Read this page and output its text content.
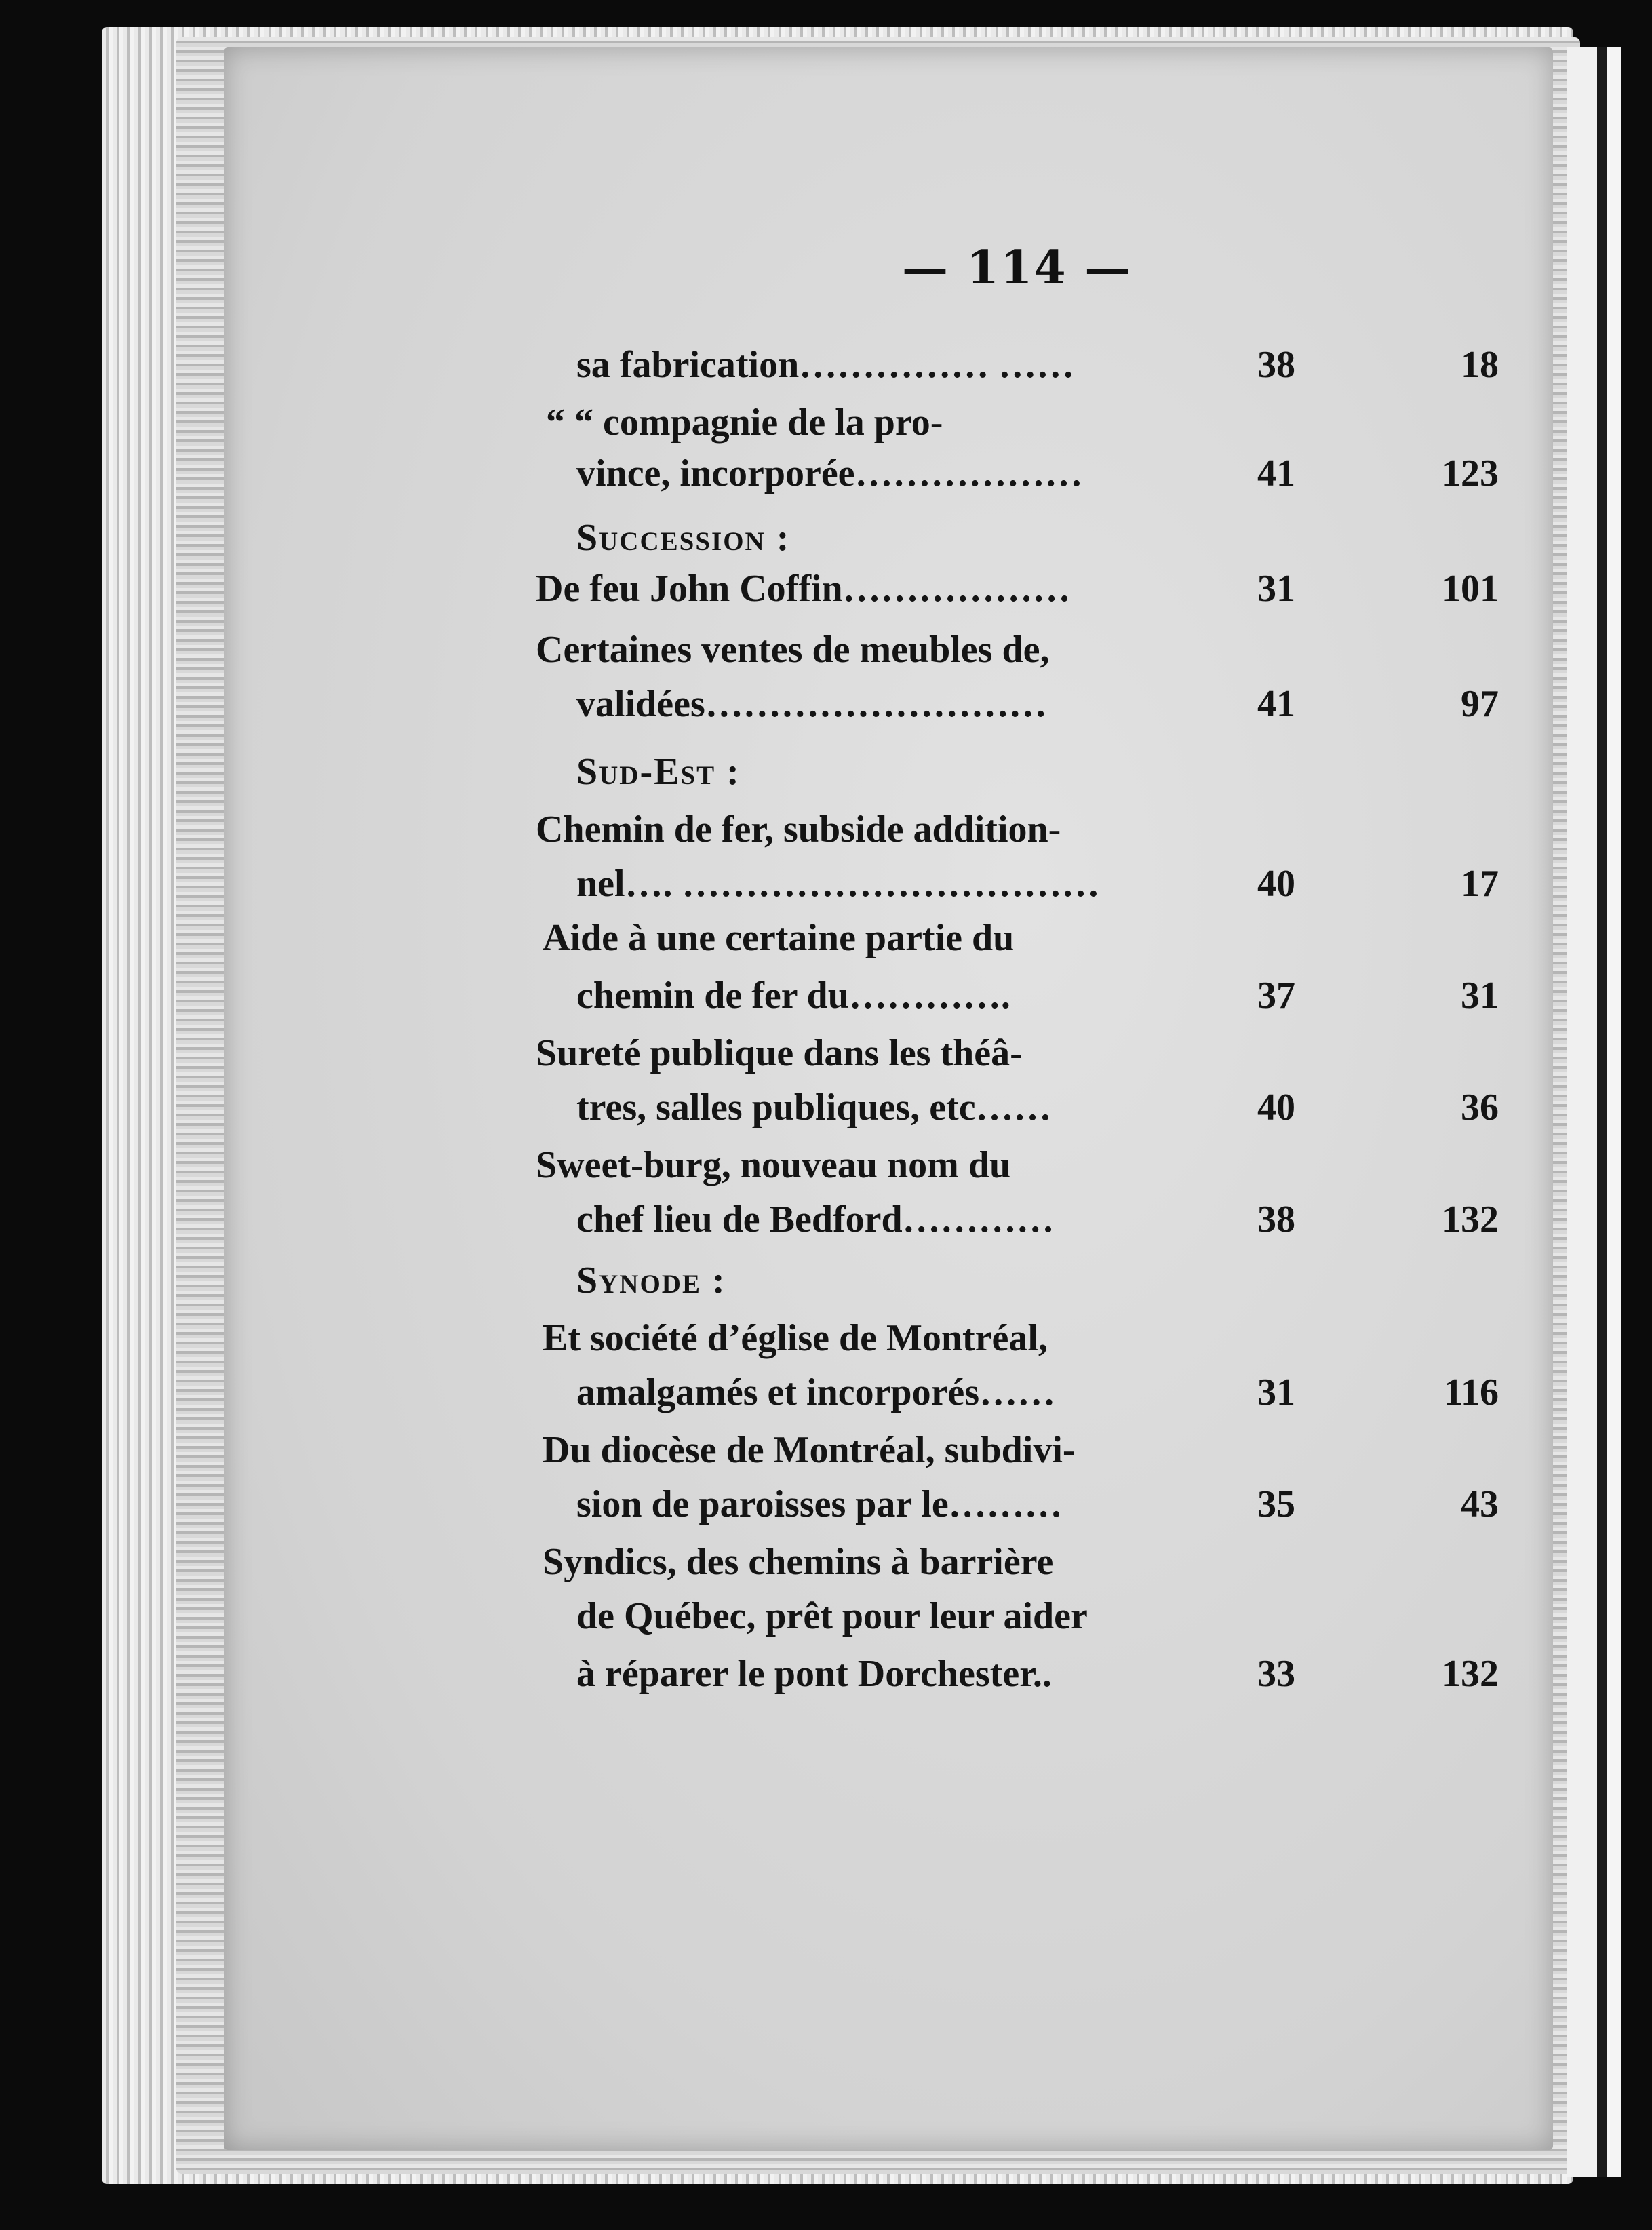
— 114 —
sa fabrication…………… ……	38	18
“ “ compagnie de la pro-
vince, incorporée………………	41	123
Succession :
De feu John Coffin………………	31	101
Certaines ventes de meubles de,
validées………………………	41	97
Sud-Est :
Chemin de fer, subside addition-
nel…. ……………………………	40	17
Aide à une certaine partie du
chemin de fer du………….	37	31
Sureté publique dans les théâ-
tres, salles publiques, etc……	40	36
Sweet-burg, nouveau nom du
chef lieu de Bedford…………	38	132
Synode :
Et société d’église de Montréal,
amalgamés et incorporés……	31	116
Du diocèse de Montréal, subdivi-
sion de paroisses par le………	35	43
Syndics, des chemins à barrière
de Québec, prêt pour leur aider
à réparer le pont Dorchester..	33	132
